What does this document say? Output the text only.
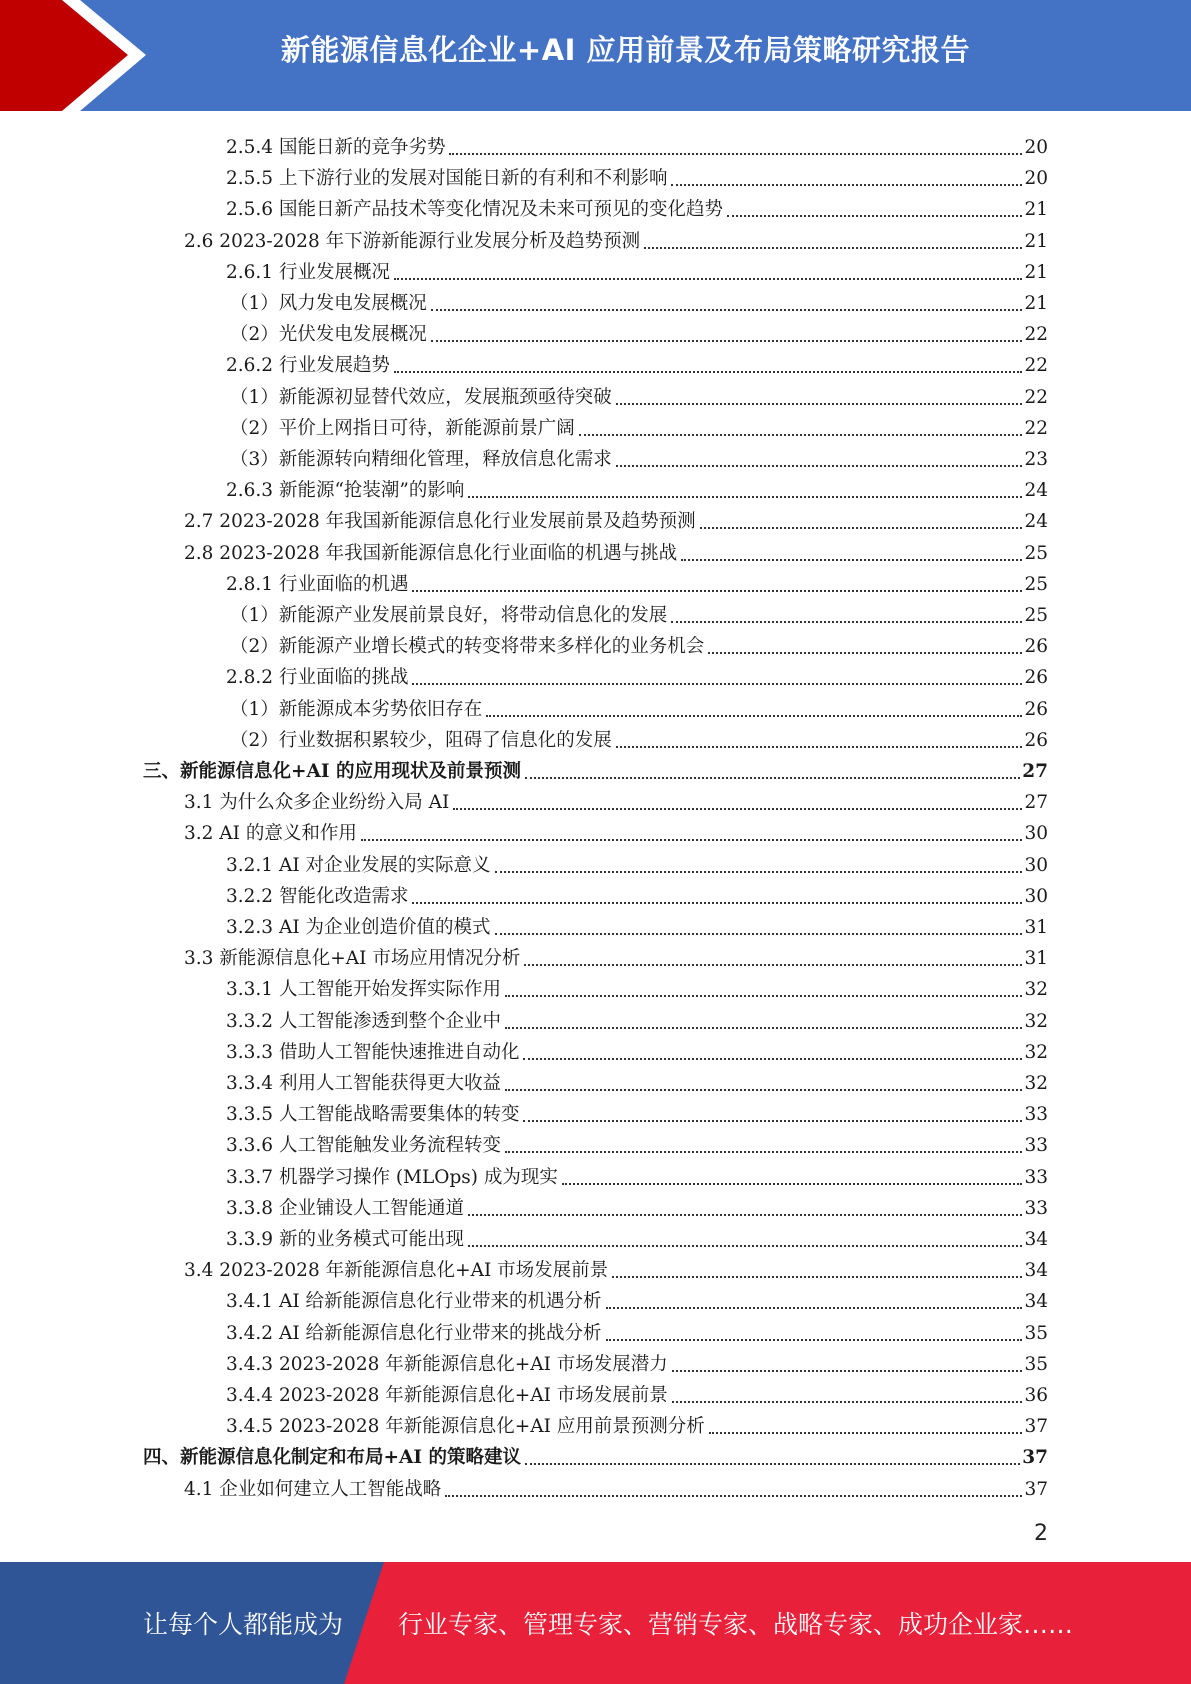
新能源信息化企业+AI 应用前景及布局策略研究报告
2.5.4 国能日新的竞争劣势	20
2.5.5 上下游行业的发展对国能日新的有利和不利影响	20
2.5.6 国能日新产品技术等变化情况及未来可预见的变化趋势	21
2.6 2023-2028 年下游新能源行业发展分析及趋势预测	21
2.6.1 行业发展概况	21
（1）风力发电发展概况	21
（2）光伏发电发展概况	22
2.6.2 行业发展趋势	22
（1）新能源初显替代效应，发展瓶颈亟待突破	22
（2）平价上网指日可待，新能源前景广阔	22
（3）新能源转向精细化管理，释放信息化需求	23
2.6.3 新能源“抢装潮”的影响	24
2.7 2023-2028 年我国新能源信息化行业发展前景及趋势预测	24
2.8 2023-2028 年我国新能源信息化行业面临的机遇与挑战	25
2.8.1 行业面临的机遇	25
（1）新能源产业发展前景良好，将带动信息化的发展	25
（2）新能源产业增长模式的转变将带来多样化的业务机会	26
2.8.2 行业面临的挑战	26
（1）新能源成本劣势依旧存在	26
（2）行业数据积累较少，阻碍了信息化的发展	26
三、新能源信息化+AI 的应用现状及前景预测	27
3.1 为什么众多企业纷纷入局 AI	27
3.2 AI 的意义和作用	30
3.2.1 AI 对企业发展的实际意义	30
3.2.2 智能化改造需求	30
3.2.3 AI 为企业创造价值的模式	31
3.3 新能源信息化+AI 市场应用情况分析	31
3.3.1 人工智能开始发挥实际作用	32
3.3.2 人工智能渗透到整个企业中	32
3.3.3 借助人工智能快速推进自动化	32
3.3.4 利用人工智能获得更大收益	32
3.3.5 人工智能战略需要集体的转变	33
3.3.6 人工智能触发业务流程转变	33
3.3.7 机器学习操作 (MLOps) 成为现实	33
3.3.8 企业铺设人工智能通道	33
3.3.9 新的业务模式可能出现	34
3.4 2023-2028 年新能源信息化+AI 市场发展前景	34
3.4.1 AI 给新能源信息化行业带来的机遇分析	34
3.4.2 AI 给新能源信息化行业带来的挑战分析	35
3.4.3 2023-2028 年新能源信息化+AI 市场发展潜力	35
3.4.4 2023-2028 年新能源信息化+AI 市场发展前景	36
3.4.5 2023-2028 年新能源信息化+AI 应用前景预测分析	37
四、新能源信息化制定和布局+AI 的策略建议	37
4.1 企业如何建立人工智能战略	37
2
让每个人都能成为 行业专家、管理专家、营销专家、战略专家、成功企业家……
